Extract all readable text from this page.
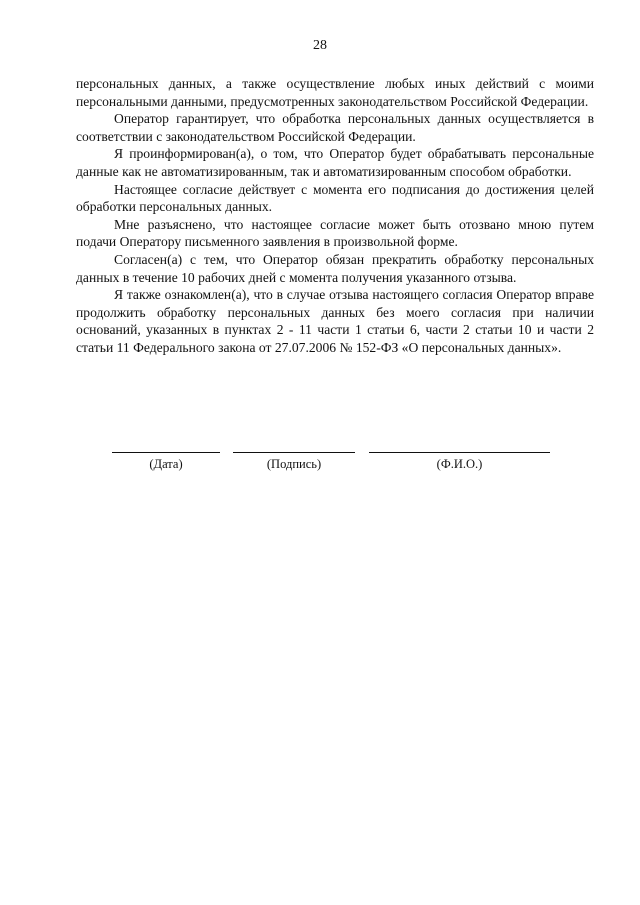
28

персональных данных, а также осуществление любых иных действий с моими персональными данными, предусмотренных законодательством Российской Федерации.

Оператор гарантирует, что обработка персональных данных осуществляется в соответствии с законодательством Российской Федерации.

Я проинформирован(а), о том, что Оператор будет обрабатывать персональные данные как не автоматизированным, так и автоматизированным способом обработки.

Настоящее согласие действует с момента его подписания до достижения целей обработки персональных данных.

Мне разъяснено, что настоящее согласие может быть отозвано мною путем подачи Оператору письменного заявления в произвольной форме.

Согласен(а) с тем, что Оператор обязан прекратить обработку персональных данных в течение 10 рабочих дней с момента получения указанного отзыва.

Я также ознакомлен(а), что в случае отзыва настоящего согласия Оператор вправе продолжить обработку персональных данных без моего согласия при наличии оснований, указанных в пунктах 2 - 11 части 1 статьи 6, части 2 статьи 10 и части 2 статьи 11 Федерального закона от 27.07.2006 № 152-ФЗ «О персональных данных».

(Дата)	(Подпись)	(Ф.И.О.)
